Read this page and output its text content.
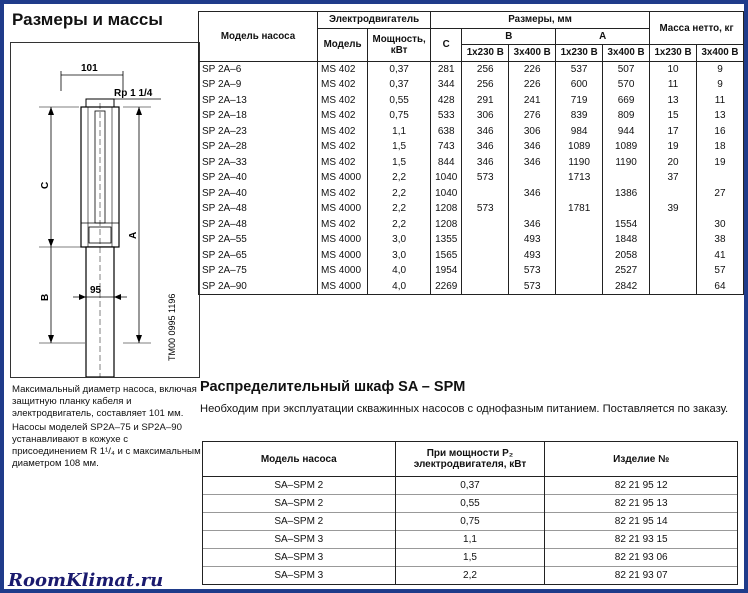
Размеры и массы
101
Rp 1 1/4
C
B
A
95
TM00 0995 1196

Максимальный диаметр насоса, включая защитную планку кабеля и электродвигатель, составляет 101 мм.

Насосы моделей SP2A–75 и SP2A–90 устанавливают в кожухе с присоединением R 1¹/₄ и с максимальным диаметром 108 мм.

Модель насоса	Электродвигатель		Размеры, мм					Масса нетто, кг	
	Модель	Мощность, кВт	C	B		A			
				1x230 В	3x400 В	1x230 В	3x400 В	1x230 В	3x400 В
SP 2A–6	MS 402	0,37	281	256	226	537	507	10	9
SP 2A–9	MS 402	0,37	344	256	226	600	570	11	9
SP 2A–13	MS 402	0,55	428	291	241	719	669	13	11
SP 2A–18	MS 402	0,75	533	306	276	839	809	15	13
SP 2A–23	MS 402	1,1	638	346	306	984	944	17	16
SP 2A–28	MS 402	1,5	743	346	346	1089	1089	19	18
SP 2A–33	MS 402	1,5	844	346	346	1190	1190	20	19
SP 2A–40	MS 4000	2,2	1040	573		1713		37	
SP 2A–40	MS 402	2,2	1040		346		1386		27
SP 2A–48	MS 4000	2,2	1208	573		1781		39	
SP 2A–48	MS 402	2,2	1208		346		1554		30
SP 2A–55	MS 4000	3,0	1355		493		1848		38
SP 2A–65	MS 4000	3,0	1565		493		2058		41
SP 2A–75	MS 4000	4,0	1954		573		2527		57
SP 2A–90	MS 4000	4,0	2269		573		2842		64
Распределительный шкаф SA – SPM
Необходим при эксплуатации скважинных насосов с однофазным питанием. Поставляется по заказу.
Модель насоса	При мощности P₂ электродвигателя, кВт	Изделие №
SA–SPM 2	0,37	82 21 95 12
SA–SPM 2	0,55	82 21 95 13
SA–SPM 2	0,75	82 21 95 14
SA–SPM 3	1,1	82 21 93 15
SA–SPM 3	1,5	82 21 93 06
SA–SPM 3	2,2	82 21 93 07
RoomKlimat.ru
